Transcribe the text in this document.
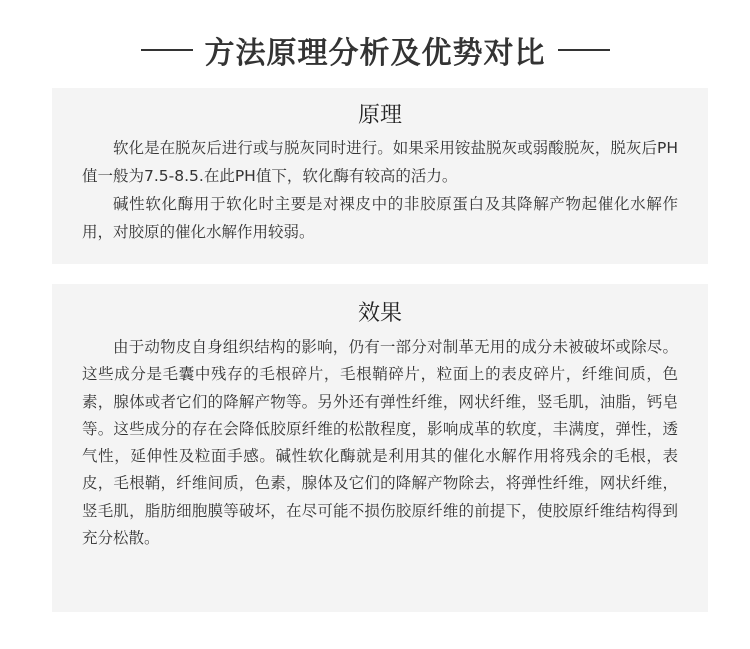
方法原理分析及优势对比
原理

软化是在脱灰后进行或与脱灰同时进行。如果采用铵盐脱灰或弱酸脱灰，脱灰后PH值一般为7.5-8.5.在此PH值下，软化酶有较高的活力。

碱性软化酶用于软化时主要是对裸皮中的非胶原蛋白及其降解产物起催化水解作用，对胶原的催化水解作用较弱。

效果

由于动物皮自身组织结构的影响，仍有一部分对制革无用的成分未被破坏或除尽。这些成分是毛囊中残存的毛根碎片，毛根鞘碎片，粒面上的表皮碎片，纤维间质，色素，腺体或者它们的降解产物等。另外还有弹性纤维，网状纤维，竖毛肌，油脂，钙皂等。这些成分的存在会降低胶原纤维的松散程度，影响成革的软度，丰满度，弹性，透气性，延伸性及粒面手感。碱性软化酶就是利用其的催化水解作用将残余的毛根，表皮，毛根鞘，纤维间质，色素，腺体及它们的降解产物除去，将弹性纤维，网状纤维，竖毛肌，脂肪细胞膜等破坏，在尽可能不损伤胶原纤维的前提下，使胶原纤维结构得到充分松散。
